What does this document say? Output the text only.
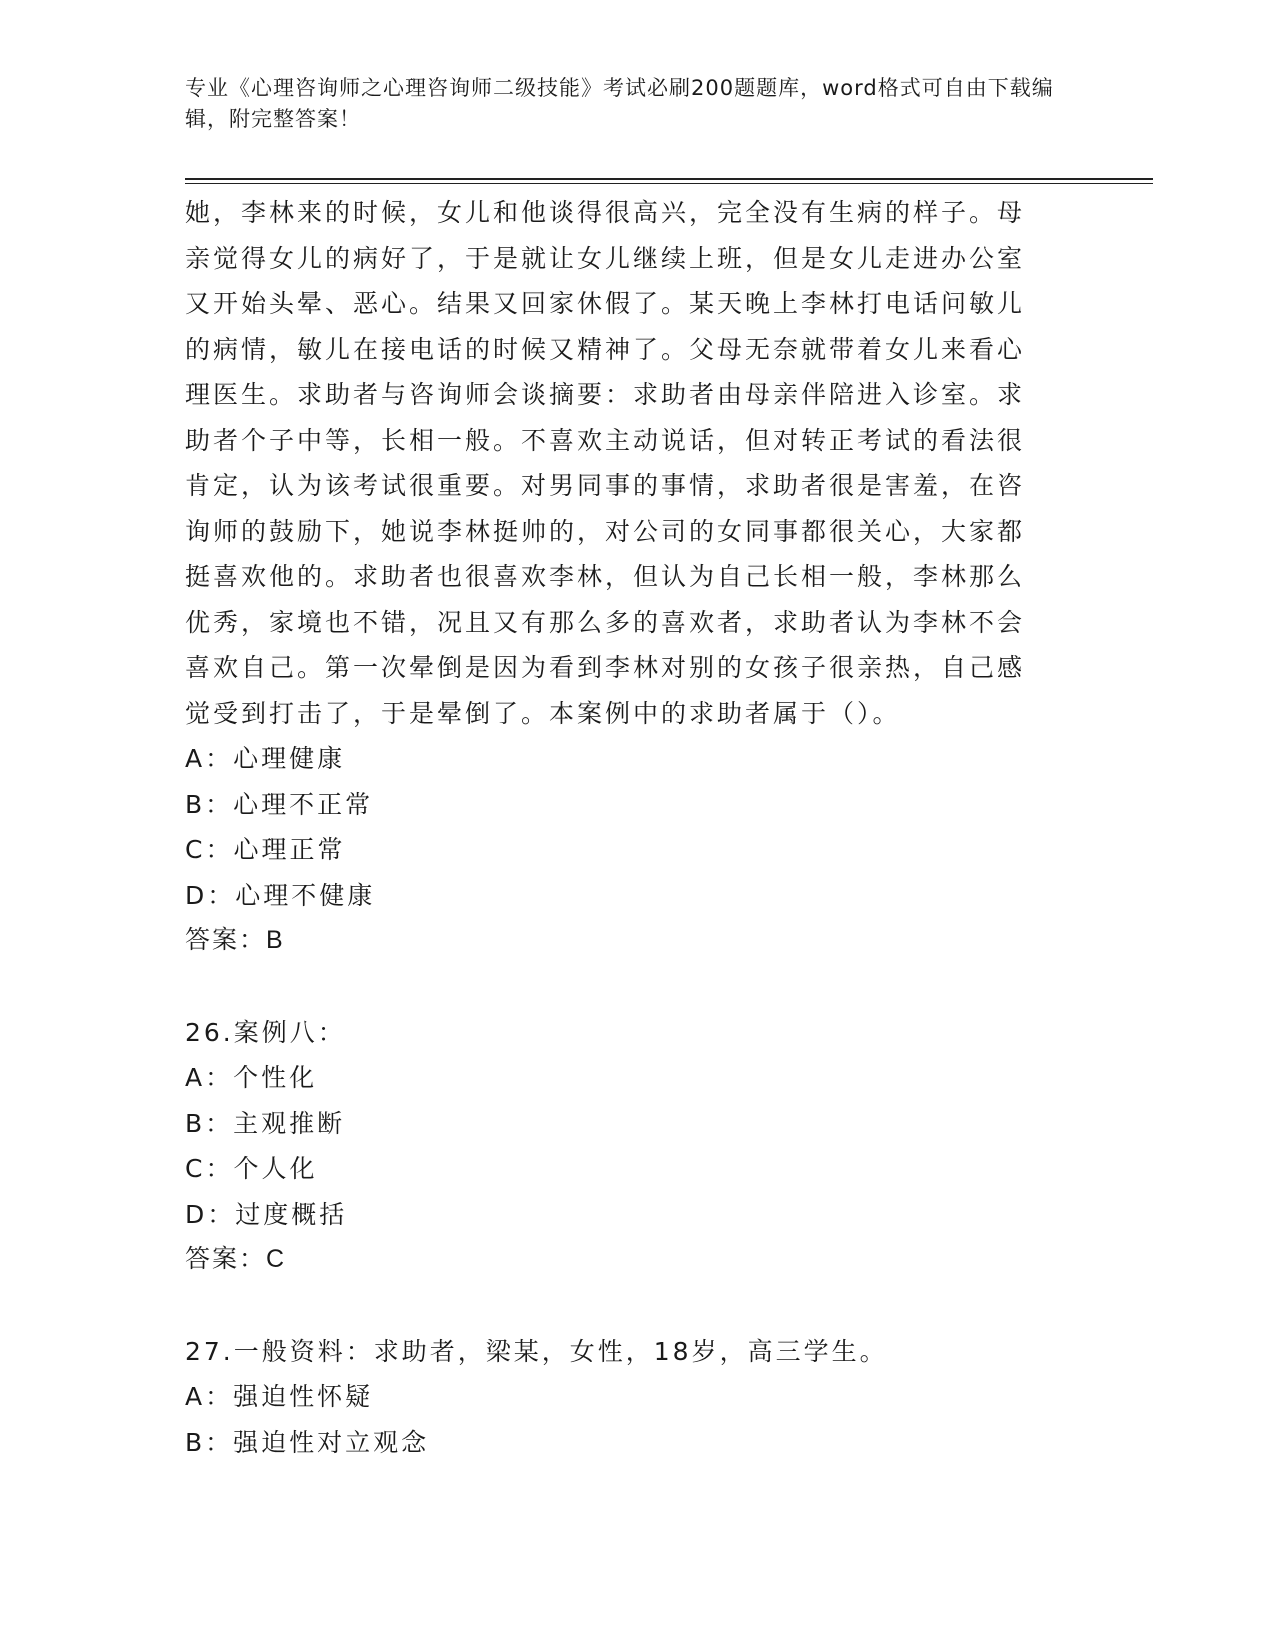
专业《心理咨询师之心理咨询师二级技能》考试必刷200题题库，word格式可自由下载编辑，附完整答案！
她，李林来的时候，女儿和他谈得很高兴，完全没有生病的样子。母
亲觉得女儿的病好了，于是就让女儿继续上班，但是女儿走进办公室
又开始头晕、恶心。结果又回家休假了。某天晚上李林打电话问敏儿
的病情，敏儿在接电话的时候又精神了。父母无奈就带着女儿来看心
理医生。求助者与咨询师会谈摘要：求助者由母亲伴陪进入诊室。求
助者个子中等，长相一般。不喜欢主动说话，但对转正考试的看法很
肯定，认为该考试很重要。对男同事的事情，求助者很是害羞，在咨
询师的鼓励下，她说李林挺帅的，对公司的女同事都很关心，大家都
挺喜欢他的。求助者也很喜欢李林，但认为自己长相一般，李林那么
优秀，家境也不错，况且又有那么多的喜欢者，求助者认为李林不会
喜欢自己。第一次晕倒是因为看到李林对别的女孩子很亲热，自己感
觉受到打击了，于是晕倒了。本案例中的求助者属于（）。
A：心理健康
B：心理不正常
C：心理正常
D：心理不健康
答案：B
26.案例八：
A：个性化
B：主观推断
C：个人化
D：过度概括
答案：C
27.一般资料：求助者，梁某，女性，18岁，高三学生。
A：强迫性怀疑
B：强迫性对立观念
